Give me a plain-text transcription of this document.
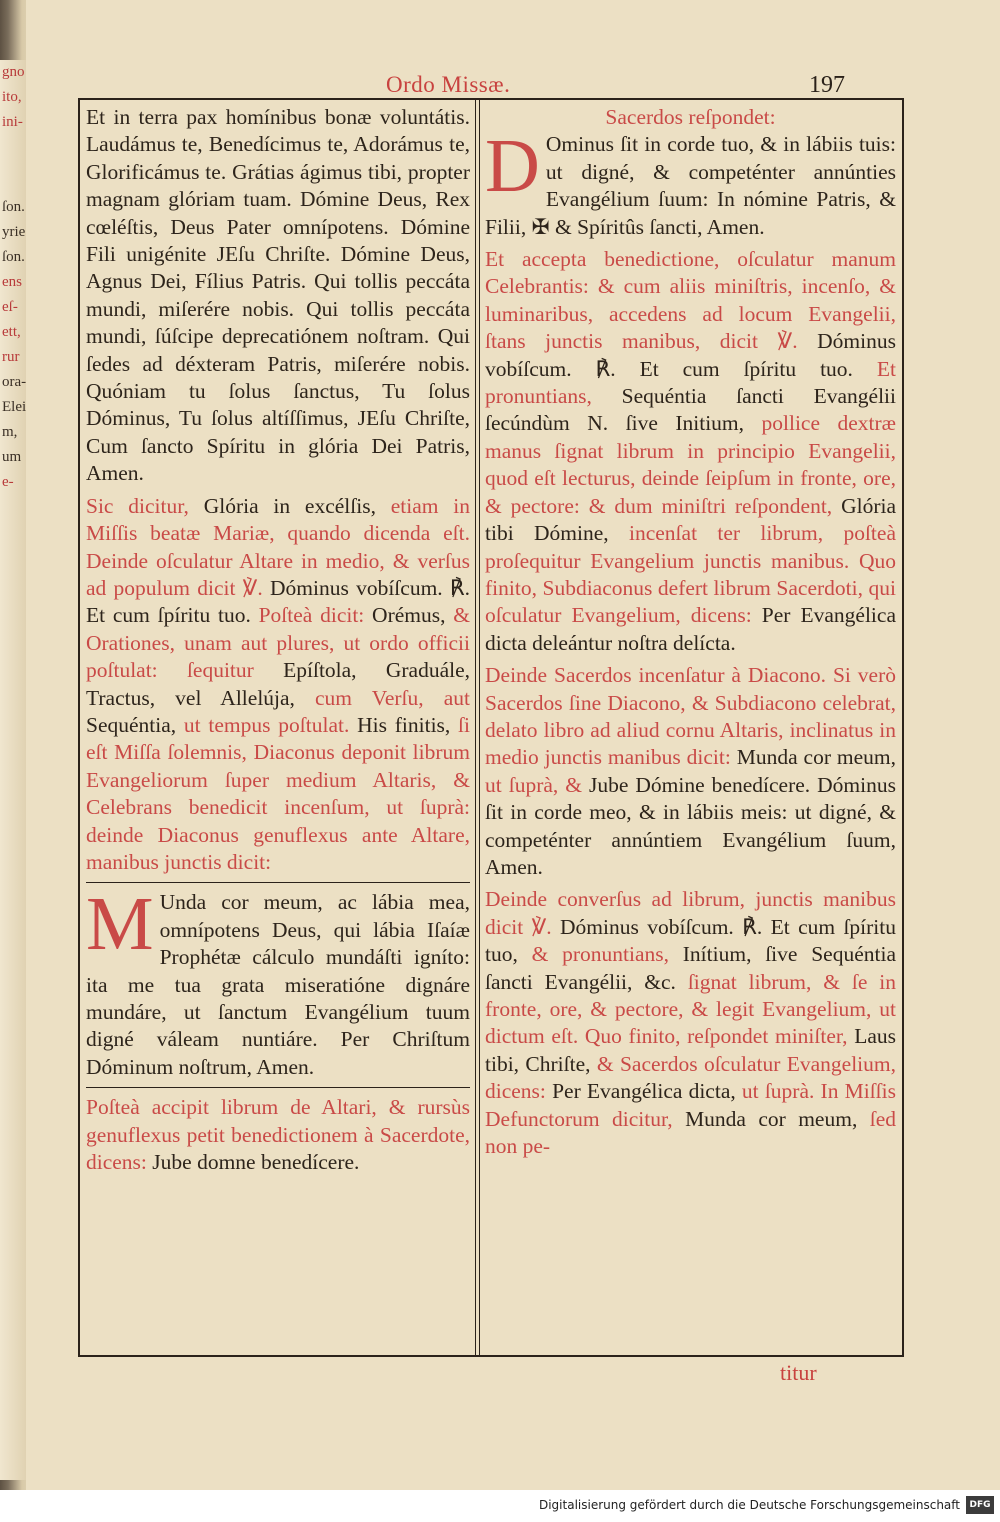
gno
ito,
ini-
ſon.
yrie
ſon.
ens
eſ-
ett,
rur
ora-
Elei
m,
um
e-
Ordo Missæ.	197

Et in terra pax homínibus bonæ voluntátis. Laudámus te, Benedícimus te, Adorámus te, Glorificámus te. Grátias ágimus tibi, propter magnam glóriam tuam. Dómine Deus, Rex cœléſtis, Deus Pater omnípotens. Dómine Fili unigénite JEſu Chriſte. Dómine Deus, Agnus Dei, Fílius Patris. Qui tollis peccáta mundi, miſerére nobis. Qui tollis peccáta mundi, ſúſcipe deprecatiónem noſtram. Qui ſedes ad déxteram Patris, miſerére nobis. Quóniam tu ſolus ſanctus, Tu ſolus Dóminus, Tu ſolus altíſſimus, JEſu Chriſte, Cum ſancto Spíritu in glória Dei Patris, Amen.

Sic dicitur, Glória in excélſis, etiam in Miſſis beatæ Mariæ, quando dicenda eſt. Deinde oſculatur Altare in medio, & verſus ad populum dicit ℣. Dóminus vobíſcum. ℟. Et cum ſpíritu tuo. Poſteà dicit: Orémus, & Orationes, unam aut plures, ut ordo officii poſtulat: ſequitur Epíſtola, Graduále, Tractus, vel Allelúja, cum Verſu, aut Sequéntia, ut tempus poſtulat. His finitis, ſi eſt Miſſa ſolemnis, Diaconus deponit librum Evangeliorum ſuper medium Altaris, & Celebrans benedicit incenſum, ut ſuprà: deinde Diaconus genuflexus ante Altare, manibus junctis dicit:

M Unda cor meum, ac lábia mea, omnípotens Deus, qui lábia Iſaíæ Prophétæ cálculo mundáſti igníto: ita me tua grata miseratióne dignáre mundáre, ut ſanctum Evangélium tuum digné váleam nuntiáre. Per Chriſtum Dóminum noſtrum, Amen.

Poſteà accipit librum de Altari, & rursùs genuflexus petit benedictionem à Sacerdote, dicens: Jube domne benedícere.

Sacerdos reſpondet:

D Ominus ſit in corde tuo, & in lábiis tuis: ut digné, & competénter annúnties Evangélium ſuum: In nómine Patris, & Filii, ✠ & Spíritûs ſancti, Amen.

Et accepta benedictione, oſculatur manum Celebrantis: & cum aliis miniſtris, incenſo, & luminaribus, accedens ad locum Evangelii, ſtans junctis manibus, dicit ℣. Dóminus vobíſcum. ℟. Et cum ſpíritu tuo. Et pronuntians, Sequéntia ſancti Evangélii ſecúndùm N. ſive Initium, pollice dextræ manus ſignat librum in principio Evangelii, quod eſt lecturus, deinde ſeipſum in fronte, ore, & pectore: & dum miniſtri reſpondent, Glória tibi Dómine, incenſat ter librum, poſteà proſequitur Evangelium junctis manibus. Quo finito, Subdiaconus defert librum Sacerdoti, qui oſculatur Evangelium, dicens: Per Evangélica dicta deleántur noſtra delícta.

Deinde Sacerdos incenſatur à Diacono. Si verò Sacerdos ſine Diacono, & Subdiacono celebrat, delato libro ad aliud cornu Altaris, inclinatus in medio junctis manibus dicit: Munda cor meum, ut ſuprà, & Jube Dómine benedícere. Dóminus ſit in corde meo, & in lábiis meis: ut digné, & competénter annúntiem Evangélium ſuum, Amen.

Deinde converſus ad librum, junctis manibus dicit ℣. Dóminus vobíſcum. ℟. Et cum ſpíritu tuo, & pronuntians, Inítium, ſive Sequéntia ſancti Evangélii, &c. ſignat librum, & ſe in fronte, ore, & pectore, & legit Evangelium, ut dictum eſt. Quo finito, reſpondet miniſter, Laus tibi, Chriſte, & Sacerdos oſculatur Evangelium, dicens: Per Evangélica dicta, ut ſuprà. In Miſſis Defunctorum dicitur, Munda cor meum, ſed non pe-

titur
Digitalisierung gefördert durch die Deutsche Forschungsgemeinschaft	DFG
